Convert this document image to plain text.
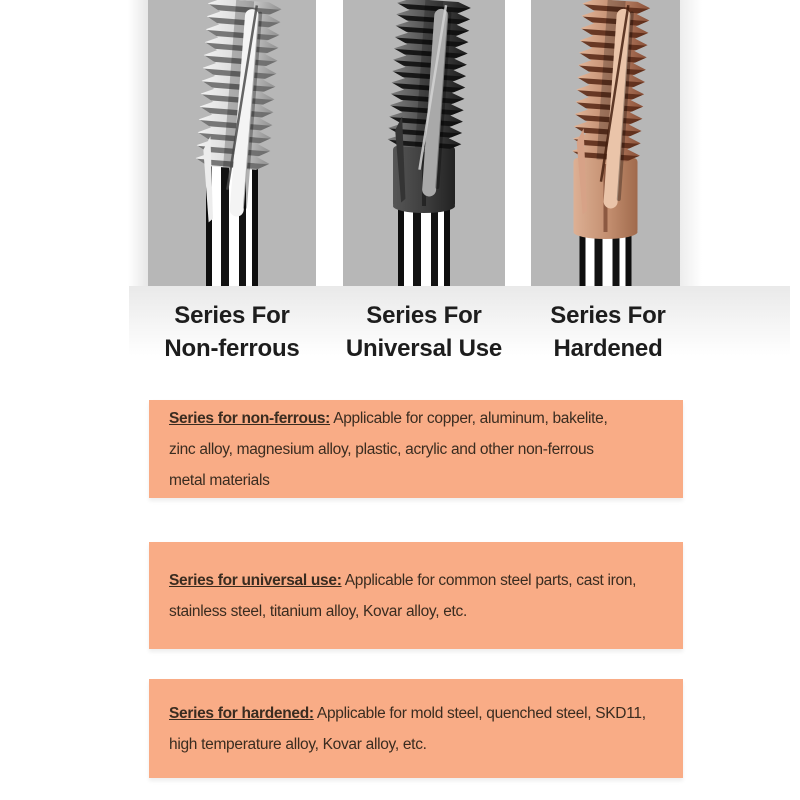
Series For
Non-ferrous
Series For
Universal Use
Series For
Hardened

Series for non-ferrous: Applicable for copper, aluminum, bakelite,
zinc alloy, magnesium alloy, plastic, acrylic and other non-ferrous
metal materials

Series for universal use: Applicable for common steel parts, cast iron,
stainless steel, titanium alloy, Kovar alloy, etc.

Series for hardened: Applicable for mold steel, quenched steel, SKD11,
high temperature alloy, Kovar alloy, etc.
